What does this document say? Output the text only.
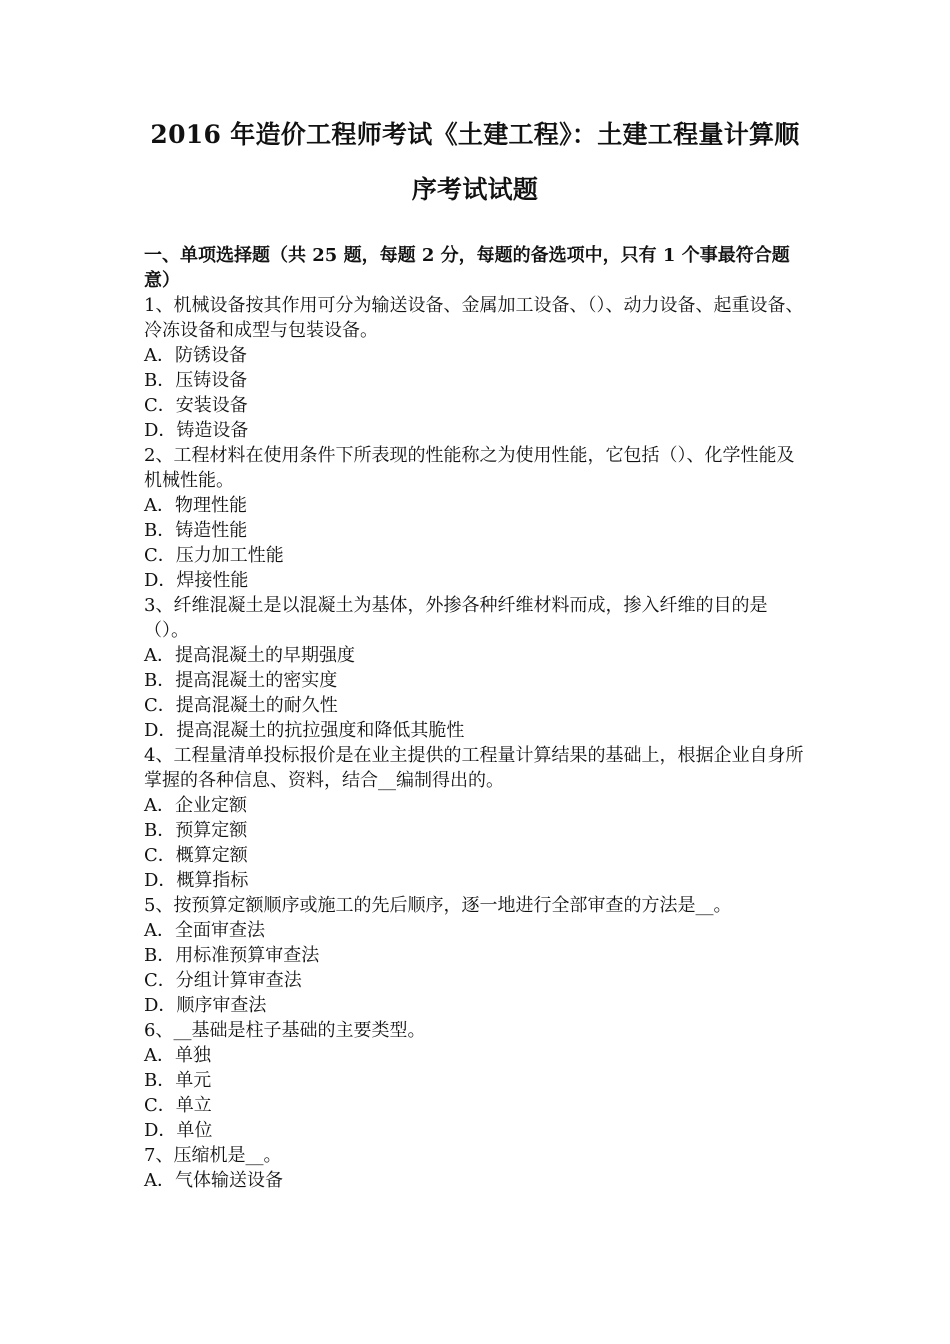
2016 年造价工程师考试《土建工程》：土建工程量计算顺
序考试试题

一、单项选择题（共 25 题，每题 2 分，每题的备选项中，只有 1 个事最符合题意）

1、机械设备按其作用可分为输送设备、金属加工设备、（）、动力设备、起重设备、冷冻设备和成型与包装设备。

A．防锈设备

B．压铸设备

C．安装设备

D．铸造设备

2、工程材料在使用条件下所表现的性能称之为使用性能，它包括（）、化学性能及机械性能。

A．物理性能

B．铸造性能

C．压力加工性能

D．焊接性能

3、纤维混凝土是以混凝土为基体，外掺各种纤维材料而成，掺入纤维的目的是（）。

A．提高混凝土的早期强度

B．提高混凝土的密实度

C．提高混凝土的耐久性

D．提高混凝土的抗拉强度和降低其脆性

4、工程量清单投标报价是在业主提供的工程量计算结果的基础上，根据企业自身所掌握的各种信息、资料，结合__编制得出的。

A．企业定额

B．预算定额

C．概算定额

D．概算指标

5、按预算定额顺序或施工的先后顺序，逐一地进行全部审查的方法是__。

A．全面审查法

B．用标准预算审查法

C．分组计算审查法

D．顺序审查法

6、__基础是柱子基础的主要类型。

A．单独

B．单元

C．单立

D．单位

7、压缩机是__。

A．气体输送设备
